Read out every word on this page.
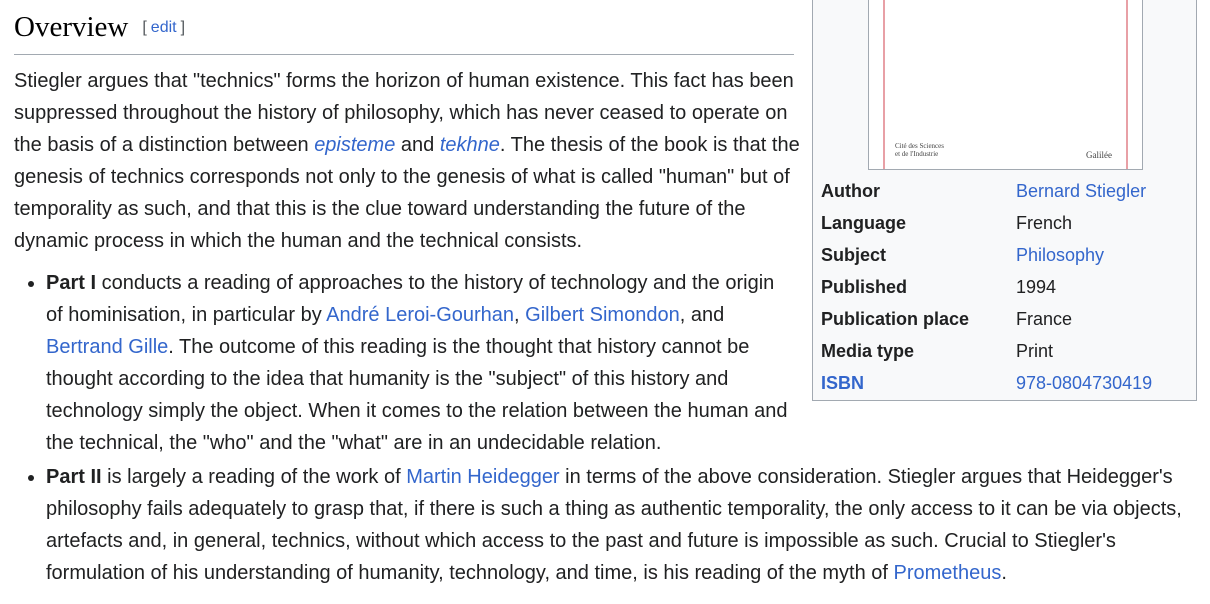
Overview [ edit ]

Stiegler argues that "technics" forms the horizon of human existence. This fact has been suppressed throughout the history of philosophy, which has never ceased to operate on the basis of a distinction between episteme and tekhne. The thesis of the book is that the genesis of technics corresponds not only to the genesis of what is called "human" but of temporality as such, and that this is the clue toward understanding the future of the dynamic process in which the human and the technical consists.

• Part I conducts a reading of approaches to the history of technology and the origin of hominisation, in particular by André Leroi-Gourhan, Gilbert Simondon, and Bertrand Gille. The outcome of this reading is the thought that history cannot be thought according to the idea that humanity is the "subject" of this history and technology simply the object. When it comes to the relation between the human and the technical, the "who" and the "what" are in an undecidable relation.
• Part II is largely a reading of the work of Martin Heidegger in terms of the above consideration. Stiegler argues that Heidegger's philosophy fails adequately to grasp that, if there is such a thing as authentic temporality, the only access to it can be via objects, artefacts and, in general, technics, without which access to the past and future is impossible as such. Crucial to Stiegler's formulation of his understanding of humanity, technology, and time, is his reading of the myth of Prometheus.
Cité des Sciences
et de l'Industrie	Galilée
Author	Bernard Stiegler
Language	French
Subject	Philosophy
Published	1994
Publication place	France
Media type	Print
ISBN	978-0804730419
